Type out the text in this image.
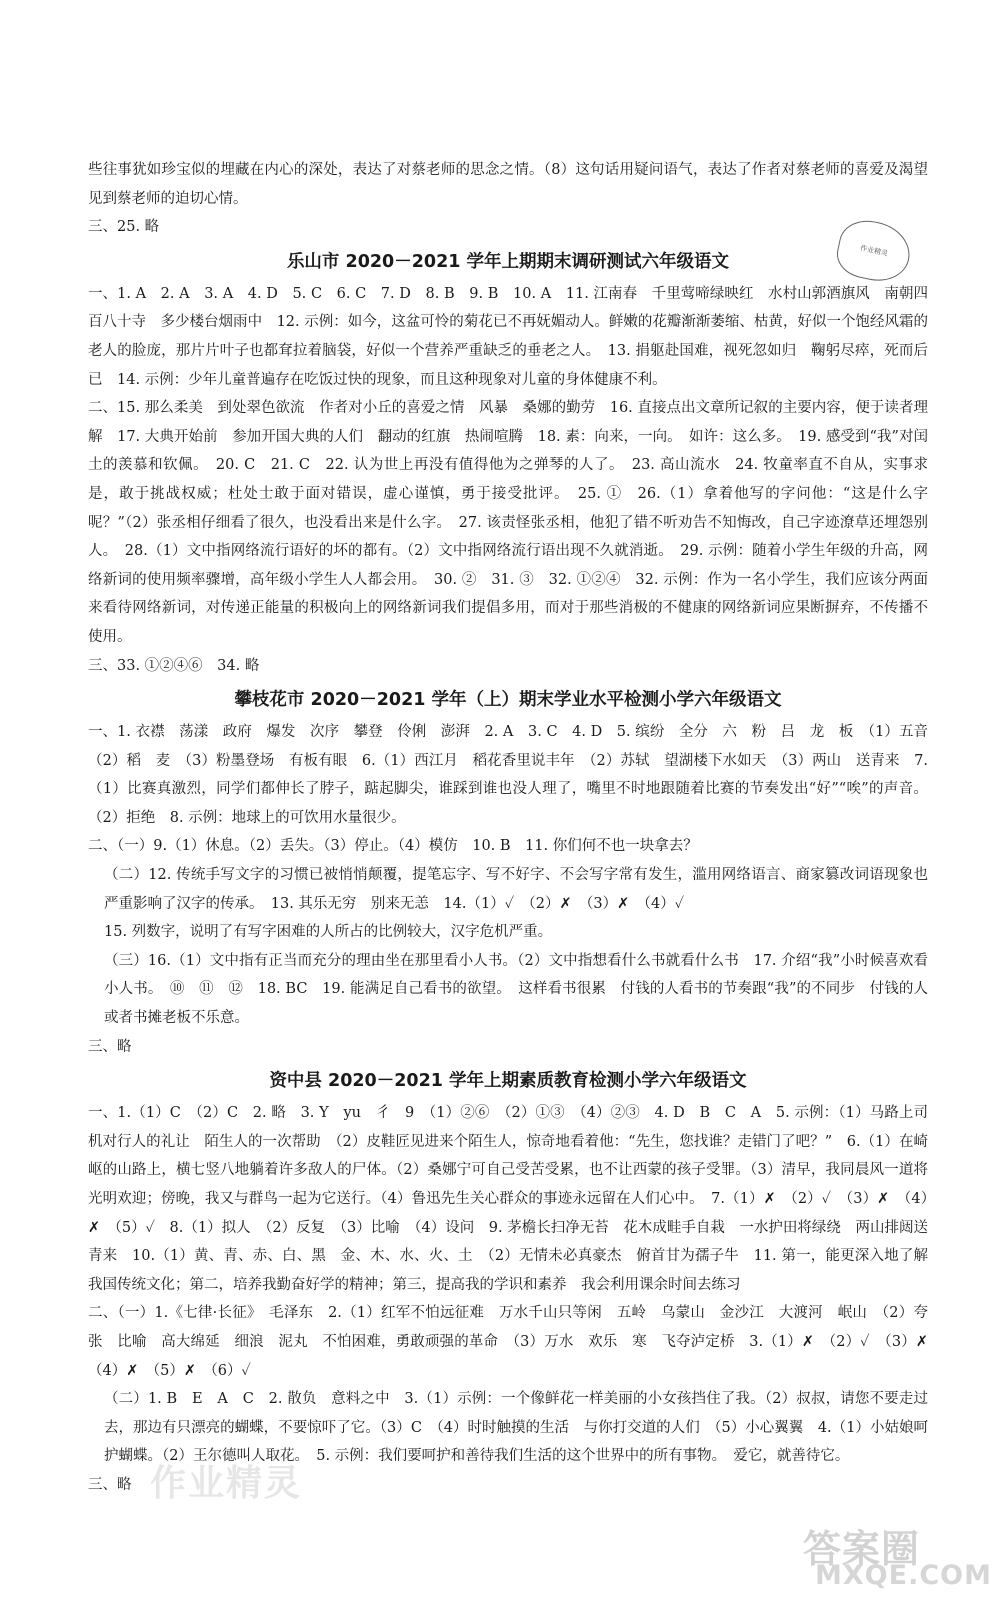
些往事犹如珍宝似的埋藏在内心的深处，表达了对蔡老师的思念之情。（8）这句话用疑问语气，表达了作者对蔡老师的喜爱及渴望见到蔡老师的迫切心情。

三、25. 略

乐山市 2020－2021 学年上期期末调研测试六年级语文

一、1. A　2. A　3. A　4. D　5. C　6. C　7. D　8. B　9. B　10. A　11. 江南春　千里莺啼绿映红　水村山郭酒旗风　南朝四百八十寺　多少楼台烟雨中　12. 示例：如今，这盆可怜的菊花已不再妩媚动人。鲜嫩的花瓣渐渐萎缩、枯黄，好似一个饱经风霜的老人的脸庞，那片片叶子也都耷拉着脑袋，好似一个营养严重缺乏的垂老之人。　13. 捐躯赴国难，视死忽如归　鞠躬尽瘁，死而后已　14. 示例：少年儿童普遍存在吃饭过快的现象，而且这种现象对儿童的身体健康不利。

二、15. 那么柔美　到处翠色欲流　作者对小丘的喜爱之情　风暴　桑娜的勤劳　16. 直接点出文章所记叙的主要内容，便于读者理解　17. 大典开始前　参加开国大典的人们　翻动的红旗　热闹喧腾　18. 素：向来，一向。　如许：这么多。　19. 感受到“我”对闰土的羡慕和钦佩。　20. C　21. C　22. 认为世上再没有值得他为之弹琴的人了。　23. 高山流水　24. 牧童率直不自从，实事求是，敢于挑战权威；杜处士敢于面对错误，虚心谨慎，勇于接受批评。　25. ①　26.（1）拿着他写的字问他：“这是什么字呢？”（2）张丞相仔细看了很久，也没看出来是什么字。　27. 该责怪张丞相，他犯了错不听劝告不知悔改，自己字迹潦草还埋怨别人。　28.（1）文中指网络流行语好的坏的都有。（2）文中指网络流行语出现不久就消逝。　29. 示例：随着小学生年级的升高，网络新词的使用频率骤增，高年级小学生人人都会用。　30. ②　31. ③　32. ①②④　32. 示例：作为一名小学生，我们应该分两面来看待网络新词，对传递正能量的积极向上的网络新词我们提倡多用，而对于那些消极的不健康的网络新词应果断摒弃，不传播不使用。

三、33. ①②④⑥　34. 略

攀枝花市 2020－2021 学年（上）期末学业水平检测小学六年级语文

一、1. 衣襟　荡漾　政府　爆发　次序　攀登　伶俐　澎湃　2. A　3. C　4. D　5. 缤纷　全分　六　粉　吕　龙　板　（1）五音　（2）稻　麦　（3）粉墨登场　有板有眼　6.（1）西江月　稻花香里说丰年　（2）苏轼　望湖楼下水如天　（3）两山　送青来　7.（1）比赛真激烈，同学们都伸长了脖子，踮起脚尖，谁踩到谁也没人理了，嘴里不时地跟随着比赛的节奏发出“好”“唉”的声音。（2）拒绝　8. 示例：地球上的可饮用水量很少。

二、（一）9.（1）休息。（2）丢失。（3）停止。（4）模仿　10. B　11. 你们何不也一块拿去？

（二）12. 传统手写文字的习惯已被悄悄颠覆，提笔忘字、写不好字、不会写字常有发生，滥用网络语言、商家篡改词语现象也严重影响了汉字的传承。　13. 其乐无穷　别来无恙　14.（1）✓　（2）✗　（3）✗　（4）✓

15. 列数字，说明了有写字困难的人所占的比例较大，汉字危机严重。

（三）16.（1）文中指有正当而充分的理由坐在那里看小人书。（2）文中指想看什么书就看什么书　17. 介绍“我”小时候喜欢看小人书。　⑩　⑪　⑫　18. BC　19. 能满足自己看书的欲望。　这样看书很累　付钱的人看书的节奏跟“我”的不同步　付钱的人或者书摊老板不乐意。

三、略

资中县 2020－2021 学年上期素质教育检测小学六年级语文

一、1.（1）C　（2）C　2. 略　3. Y　yu　彳　9　（1）②⑥　（2）①③　（4）②③　4. D　B　C　A　5. 示例：（1）马路上司机对行人的礼让　陌生人的一次帮助　（2）皮鞋匠见进来个陌生人，惊奇地看着他：“先生，您找谁？走错门了吧？”　6.（1）在崎岖的山路上，横七竖八地躺着许多敌人的尸体。（2）桑娜宁可自己受苦受累，也不让西蒙的孩子受罪。（3）清早，我同晨风一道将光明欢迎；傍晚，我又与群鸟一起为它送行。（4）鲁迅先生关心群众的事迹永远留在人们心中。　7.（1）✗　（2）✓　（3）✗　（4）✗　（5）✓　8.（1）拟人　（2）反复　（3）比喻　（4）设问　9. 茅檐长扫净无苔　花木成畦手自栽　一水护田将绿绕　两山排闼送青来　10.（1）黄、青、赤、白、黑　金、木、水、火、土　（2）无情未必真豪杰　俯首甘为孺子牛　11. 第一，能更深入地了解我国传统文化；第二，培养我勤奋好学的精神；第三，提高我的学识和素养　我会利用课余时间去练习

二、（一）1.《七律·长征》　毛泽东　2.（1）红军不怕远征难　万水千山只等闲　五岭　乌蒙山　金沙江　大渡河　岷山　（2）夸张　比喻　高大绵延　细浪　泥丸　不怕困难，勇敢顽强的革命　（3）万水　欢乐　寒　飞夺泸定桥　3.（1）✗　（2）✓　（3）✗　（4）✗　（5）✗　（6）✓

（二）1. B　E　A　C　2. 散负　意料之中　3.（1）示例：一个像鲜花一样美丽的小女孩挡住了我。（2）叔叔，请您不要走过去，那边有只漂亮的蝴蝶，不要惊吓了它。（3）C　（4）时时触摸的生活　与你打交道的人们　（5）小心翼翼　4.（1）小姑娘呵护蝴蝶。（2）王尔德叫人取花。　5. 示例：我们要呵护和善待我们生活的这个世界中的所有事物。　爱它，就善待它。

三、略

作业精灵
作业精灵
答案圈
MXQE.COM
